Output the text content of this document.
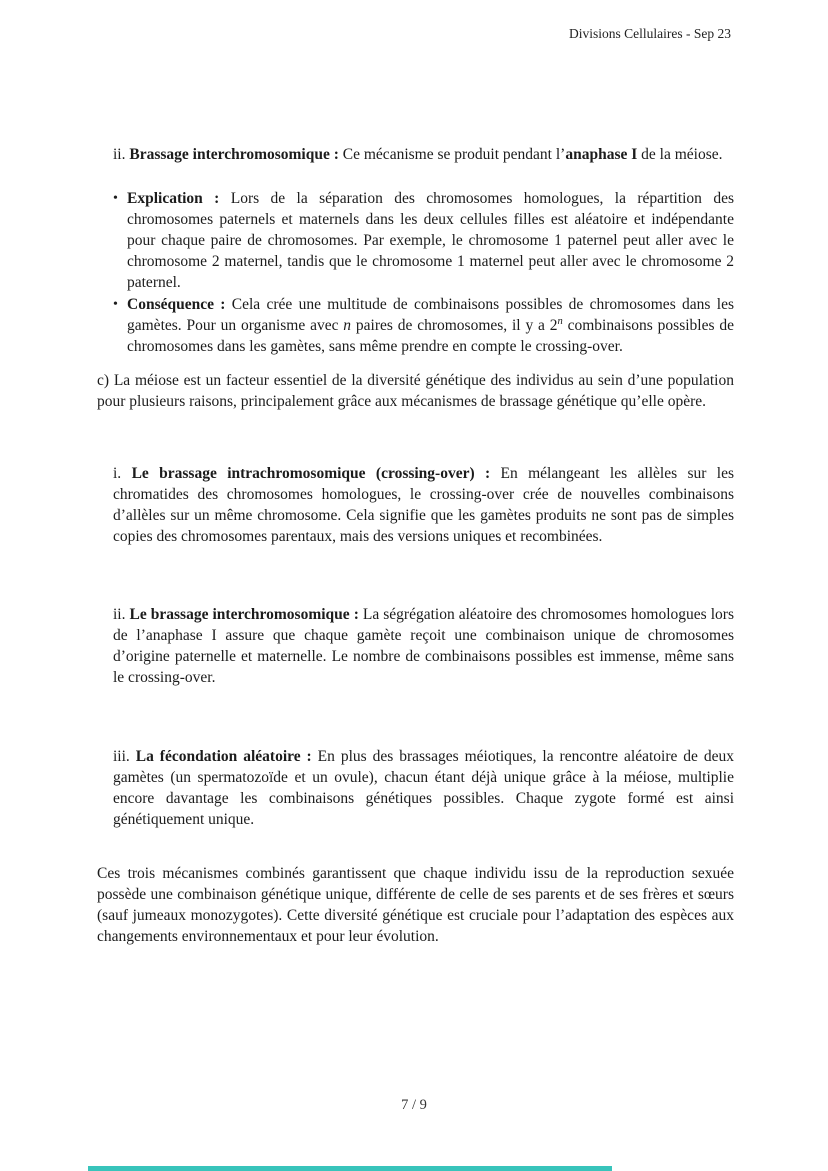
Divisions Cellulaires - Sep 23

ii. Brassage interchromosomique : Ce mécanisme se produit pendant l’anaphase I de la méiose.

• Explication : Lors de la séparation des chromosomes homologues, la répartition des chromosomes paternels et maternels dans les deux cellules filles est aléatoire et indépendante pour chaque paire de chromosomes. Par exemple, le chromosome 1 paternel peut aller avec le chromosome 2 maternel, tandis que le chromosome 1 maternel peut aller avec le chromosome 2 paternel.
• Conséquence : Cela crée une multitude de combinaisons possibles de chromosomes dans les gamètes. Pour un organisme avec n paires de chromosomes, il y a 2$^n$ combinaisons possibles de chromosomes dans les gamètes, sans même prendre en compte le crossing-over.

c) La méiose est un facteur essentiel de la diversité génétique des individus au sein d’une population pour plusieurs raisons, principalement grâce aux mécanismes de brassage génétique qu’elle opère.

i. Le brassage intrachromosomique (crossing-over) : En mélangeant les allèles sur les chromatides des chromosomes homologues, le crossing-over crée de nouvelles combinaisons d’allèles sur un même chromosome. Cela signifie que les gamètes produits ne sont pas de simples copies des chromosomes parentaux, mais des versions uniques et recombinées.

ii. Le brassage interchromosomique : La ségrégation aléatoire des chromosomes homologues lors de l’anaphase I assure que chaque gamète reçoit une combinaison unique de chromosomes d’origine paternelle et maternelle. Le nombre de combinaisons possibles est immense, même sans le crossing-over.

iii. La fécondation aléatoire : En plus des brassages méiotiques, la rencontre aléatoire de deux gamètes (un spermatozoïde et un ovule), chacun étant déjà unique grâce à la méiose, multiplie encore davantage les combinaisons génétiques possibles. Chaque zygote formé est ainsi génétiquement unique.

Ces trois mécanismes combinés garantissent que chaque individu issu de la reproduction sexuée possède une combinaison génétique unique, différente de celle de ses parents et de ses frères et sœurs (sauf jumeaux monozygotes). Cette diversité génétique est cruciale pour l’adaptation des espèces aux changements environnementaux et pour leur évolution.

7 / 9
